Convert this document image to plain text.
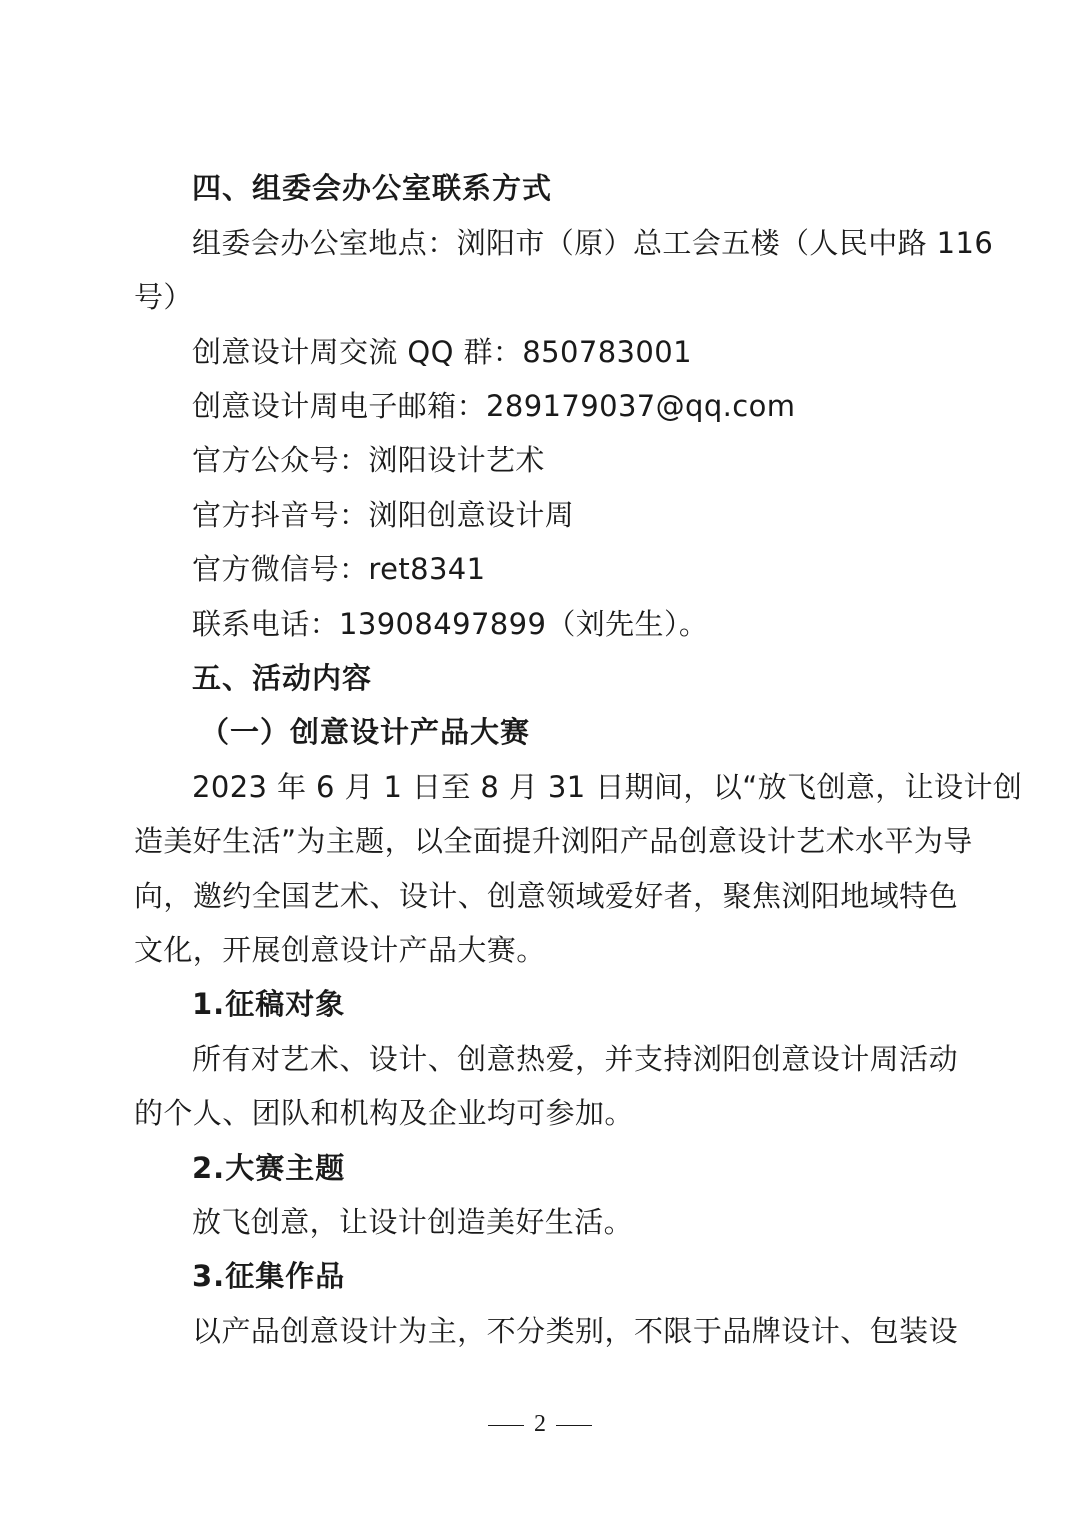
四、组委会办公室联系方式
组委会办公室地点：浏阳市（原）总工会五楼（人民中路 116
号）
创意设计周交流 QQ 群：850783001
创意设计周电子邮箱：289179037@qq.com
官方公众号：浏阳设计艺术
官方抖音号：浏阳创意设计周
官方微信号：ret8341
联系电话：13908497899（刘先生）。
五、活动内容
（一）创意设计产品大赛
2023 年 6 月 1 日至 8 月 31 日期间，以“放飞创意，让设计创
造美好生活”为主题，以全面提升浏阳产品创意设计艺术水平为导
向，邀约全国艺术、设计、创意领域爱好者，聚焦浏阳地域特色
文化，开展创意设计产品大赛。
1.征稿对象
所有对艺术、设计、创意热爱，并支持浏阳创意设计周活动
的个人、团队和机构及企业均可参加。
2.大赛主题
放飞创意，让设计创造美好生活。
3.征集作品
以产品创意设计为主，不分类别，不限于品牌设计、包装设
2
